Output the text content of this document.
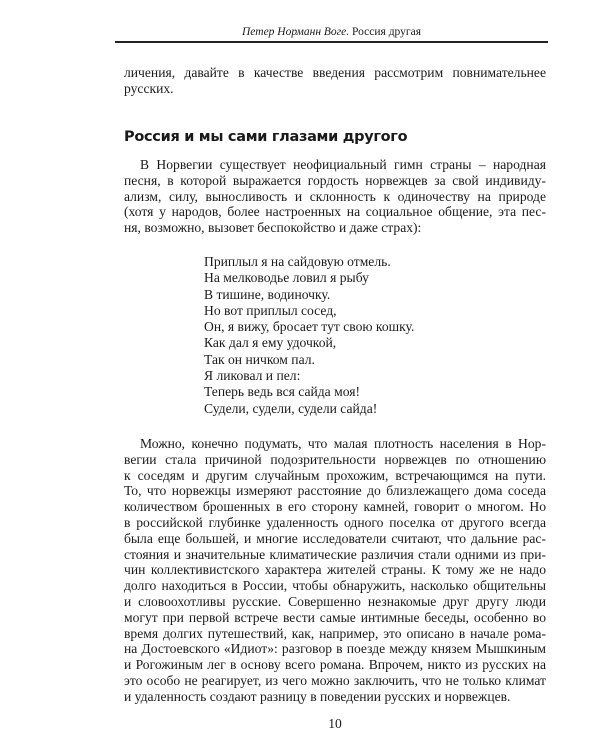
Петер Норманн Воге. Россия другая
личения, давайте в качестве введения рассмотрим повнимательнее
русских.
Россия и мы сами глазами другого
В Норвегии существует неофициальный гимн страны – народная
песня, в которой выражается гордость норвежцев за свой индивиду-
ализм, силу, выносливость и склонность к одиночеству на природе
(хотя у народов, более настроенных на социальное общение, эта пес-
ня, возможно, вызовет беспокойство и даже страх):
Приплыл я на сайдовую отмель.
На мелководье ловил я рыбу
В тишине, водиночку.
Но вот приплыл сосед,
Он, я вижу, бросает тут свою кошку.
Как дал я ему удочкой,
Так он ничком пал.
Я ликовал и пел:
Теперь ведь вся сайда моя!
Судели, судели, судели сайда!
Можно, конечно подумать, что малая плотность населения в Нор-
вегии стала причиной подозрительности норвежцев по отношению
к соседям и другим случайным прохожим, встречающимся на пути.
То, что норвежцы измеряют расстояние до близлежащего дома соседа
количеством брошенных в его сторону камней, говорит о многом. Но
в российской глубинке удаленность одного поселка от другого всегда
была еще большей, и многие исследователи считают, что дальние рас-
стояния и значительные климатические различия стали одними из при-
чин коллективистского характера жителей страны. К тому же не надо
долго находиться в России, чтобы обнаружить, насколько общительны
и словоохотливы русские. Совершенно незнакомые друг другу люди
могут при первой встрече вести самые интимные беседы, особенно во
время долгих путешествий, как, например, это описано в начале рома-
на Достоевского «Идиот»: разговор в поезде между князем Мышкиным
и Рогожиным лег в основу всего романа. Впрочем, никто из русских на
это особо не реагирует, из чего можно заключить, что не только климат
и удаленность создают разницу в поведении русских и норвежцев.
10
